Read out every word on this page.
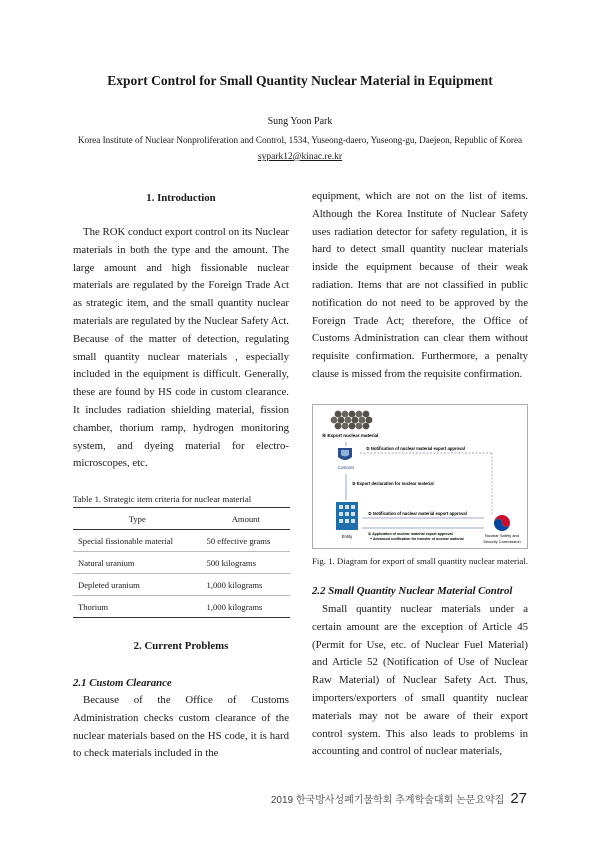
Export Control for Small Quantity Nuclear Material in Equipment
Sung Yoon Park
Korea Institute of Nuclear Nonproliferation and Control, 1534, Yuseong-daero, Yuseong-gu, Daejeon, Republic of Korea
sypark12@kinac.re.kr
1. Introduction

The ROK conduct export control on its Nuclear materials in both the type and the amount. The large amount and high fissionable nuclear materials are regulated by the Foreign Trade Act as strategic item, and the small quantity nuclear materials are regulated by the Nuclear Safety Act. Because of the matter of detection, regulating small quantity nuclear materials , especially included in the equipment is difficult. Generally, these are found by HS code in custom clearance. It includes radiation shielding material, fission chamber, thorium ramp, hydrogen monitoring system, and dyeing material for electro-microscopes, etc.

Table 1. Strategic item criteria for nuclear material
Type	Amount
Special fissionable material	50 effective grams
Natural uranium	500 kilograms
Depleted uranium	1,000 kilograms
Thorium	1,000 kilograms
2. Current Problems
2.1 Custom Clearance

Because of the Office of Customs Administration checks custom clearance of the nuclear materials based on the HS code, it is hard to check materials included in the

equipment, which are not on the list of items. Although the Korea Institute of Nuclear Safety uses radiation detector for safety regulation, it is hard to detect small quantity nuclear materials inside the equipment because of their weak radiation. Items that are not classified in public notification do not need to be approved by the Foreign Trade Act; therefore, the Office of Customs Administration can clear them without requisite confirmation. Furthermore, a penalty clause is missed from the requisite confirmation.

④ Export nuclear material
Customs
② Notification of nuclear material export approval
③ Export declaration for nuclear material
Entity
② Notification of nuclear material export approval
① Application of nuclear material export approval
+ Advanced notification for transfer of nuclear material
Nuclear Safety and
Security Commission
Fig. 1. Diagram for export of small quantity nuclear material.
2.2 Small Quantity Nuclear Material Control

Small quantity nuclear materials under a certain amount are the exception of Article 45 (Permit for Use, etc. of Nuclear Fuel Material) and Article 52 (Notification of Use of Nuclear Raw Material) of Nuclear Safety Act. Thus, importers/exporters of small quantity nuclear materials may not be aware of their export control system. This also leads to problems in accounting and control of nuclear materials,

2019 한국방사성폐기물학회 추계학술대회 논문요약집 27
